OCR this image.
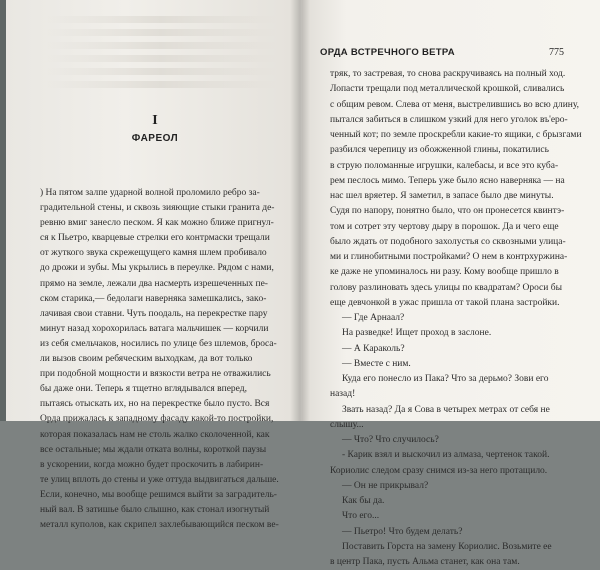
I
ФАРЕОЛ
) На пятом залпе ударной волной проломило ребро за-
градительной стены, и сквозь зияющие стыки гранита де-
ревню вмиг занесло песком. Я как можно ближе пригнул-
ся к Пьетро, кварцевые стрелки его контрмаски трещали
от жуткого звука скрежещущего камня шлем пробивало
до дрожи и зубы. Мы укрылись в переулке. Рядом с нами,
прямо на земле, лежали два насмерть изрешеченных пе-
ском старика,— бедолаги наверняка замешкались, закo-
лачивая свои ставни. Чуть поодаль, на перекрестке пару
минут назад хорохорилась ватага мальчишек — корчили
из себя смельчаков, носились по улице без шлемов, брoса-
ли вызов своим ребяческим выходкам, да вот только
при подобной мощности и вязкости ветра не отважились
бы даже они. Теперь я тщетно вглядывался вперед,
пытаясь отыскать их, но на перекрестке было пусто. Вся
Орда прижалась к западному фасаду какой-то постройки,
которая показалась нам не столь жалко сколоченной, как
все остальные; мы ждали отката волны, короткой паузы
в ускорении, когда можно будет проскочить в лабирин-
те улиц вплоть до стены и уже оттуда выдвигаться дальше.
Если, конечно, мы вообще решимся выйти за заградитель-
ный вал. В затишье было слышно, как стонал изогнутый
металл куполов, как скрипел захлебывающийся песком ве-
ОРДА ВСТРЕЧНОГО ВЕТРА	775
тряк, то застревая, то снова раскручиваясь на полный ход.
Лопасти трещали под металлической крошкой, сливались
с общим ревом. Слева от меня, выстрелившись во всю длину,
пытался забиться в слишком узкий для него уголок въ'ерo-
ченный кот; по земле проскребли какие-то ящики, с брызгами
разбился черепицу из обожженной глины, покатились
в струю поломанные игрушки, калебасы, и все это куба-
рем песлось мимо. Теперь уже было ясно наверняка — на
нас шел вряетер. Я заметил, в запасе было две минуты.
Судя по напору, понятно было, что он пронесется квинтэ-
том и сотрет эту чертову дыру в порошок. Да и чего еще
было ждать от подобного захолустья со сквозными улица-
ми и глинобитными постройками? О нем в контрхуржина-
ке даже не упоминалось ни разу. Кому вообще пришло в
голову разлиновать здесь улицы по квадратам? Ороси бы
еще девчонкой в ужас пришла от такой плана застройки.
— Где Арнаал?
На разведке! Ищет проход в заслоне.
— А Караколь?
— Вместе с ним.
Куда его понесло из Пака? Что за дерьмо? Зови его
назад!
Звать назад? Да я Сова в четырех метрах от себя не
слышу...
— Что? Что случилось?
- Карик взял и выскочил из алмаза, чертенок такой.
Кориолис следом сразу снимся из-за него протащило.
— Он не прикрывал?
Как бы да.
Что его...
— Пьетро! Что будем делать?
Поставить Горста на замену Кориолис. Возьмите ее
в центр Пака, пусть Альма станет, как она там.
